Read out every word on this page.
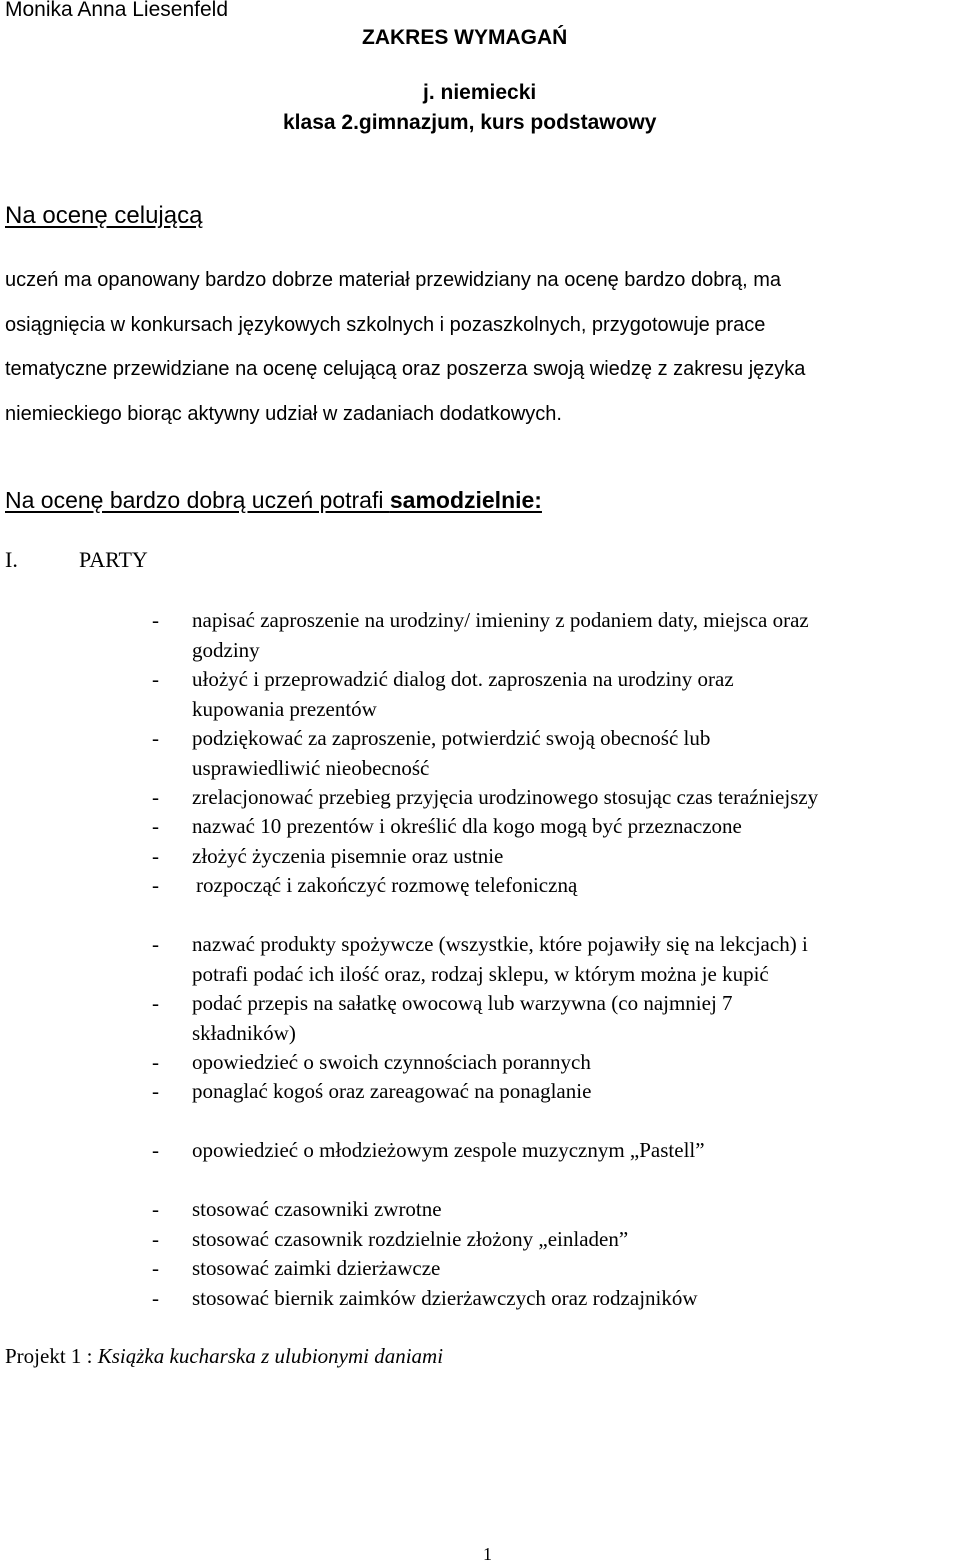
Monika Anna Liesenfeld
ZAKRES WYMAGAŃ
j. niemiecki
klasa 2.gimnazjum, kurs podstawowy
Na ocenę celującą
uczeń ma opanowany bardzo dobrze materiał przewidziany na ocenę bardzo dobrą, ma
osiągnięcia w konkursach językowych szkolnych i pozaszkolnych, przygotowuje prace
tematyczne przewidziane na ocenę celującą oraz poszerza swoją wiedzę z zakresu języka
niemieckiego biorąc aktywny udział w zadaniach dodatkowych.
Na ocenę bardzo dobrą uczeń potrafi samodzielnie:
I.	PARTY
-	napisać zaproszenie na urodziny/ imieniny z podaniem daty, miejsca oraz
godziny
-	ułożyć i przeprowadzić dialog dot. zaproszenia na urodziny oraz
kupowania prezentów
-	podziękować za zaproszenie, potwierdzić swoją obecność lub
usprawiedliwić nieobecność
-	zrelacjonować przebieg przyjęcia urodzinowego stosując czas teraźniejszy
-	nazwać 10 prezentów i określić dla kogo mogą być przeznaczone
-	złożyć życzenia pisemnie oraz ustnie
-	rozpocząć i zakończyć rozmowę telefoniczną
-	nazwać produkty spożywcze (wszystkie, które pojawiły się na lekcjach) i
potrafi podać ich ilość oraz, rodzaj sklepu, w którym można je kupić
-	podać przepis na sałatkę owocową lub warzywna (co najmniej 7
składników)
-	opowiedzieć o swoich czynnościach porannych
-	ponaglać kogoś oraz zareagować na ponaglanie
-	opowiedzieć o młodzieżowym zespole muzycznym „Pastell”
-	stosować czasowniki zwrotne
-	stosować czasownik rozdzielnie złożony „einladen”
-	stosować zaimki dzierżawcze
-	stosować biernik zaimków dzierżawczych oraz rodzajników
Projekt 1 : Książka kucharska z ulubionymi daniami
1
